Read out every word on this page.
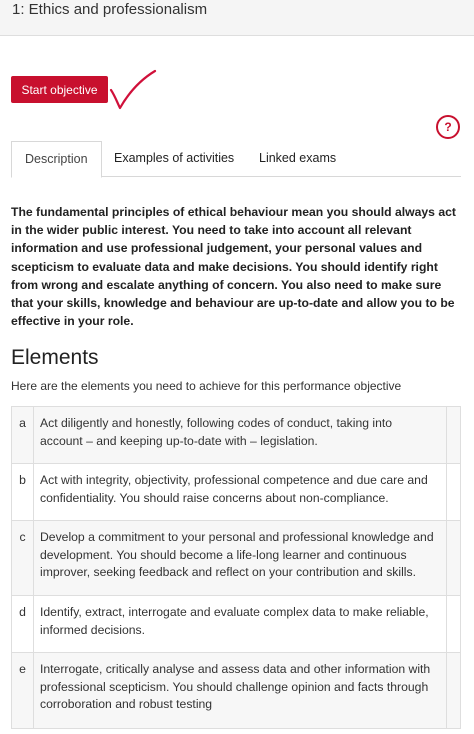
1: Ethics and professionalism
Start objective
?
Description	Examples of activities	Linked exams

The fundamental principles of ethical behaviour mean you should always act in the wider public interest. You need to take into account all relevant information and use professional judgement, your personal values and scepticism to evaluate data and make decisions. You should identify right from wrong and escalate anything of concern. You also need to make sure that your skills, knowledge and behaviour are up-to-date and allow you to be effective in your role.

Elements

Here are the elements you need to achieve for this performance objective

a	Act diligently and honestly, following codes of conduct, taking into account – and keeping up-to-date with – legislation.	
b	Act with integrity, objectivity, professional competence and due care and confidentiality. You should raise concerns about non-compliance.	
c	Develop a commitment to your personal and professional knowledge and development. You should become a life-long learner and continuous improver, seeking feedback and reflect on your contribution and skills.	
d	Identify, extract, interrogate and evaluate complex data to make reliable, informed decisions.	
e	Interrogate, critically analyse and assess data and other information with professional scepticism. You should challenge opinion and facts through corroboration and robust testing	
